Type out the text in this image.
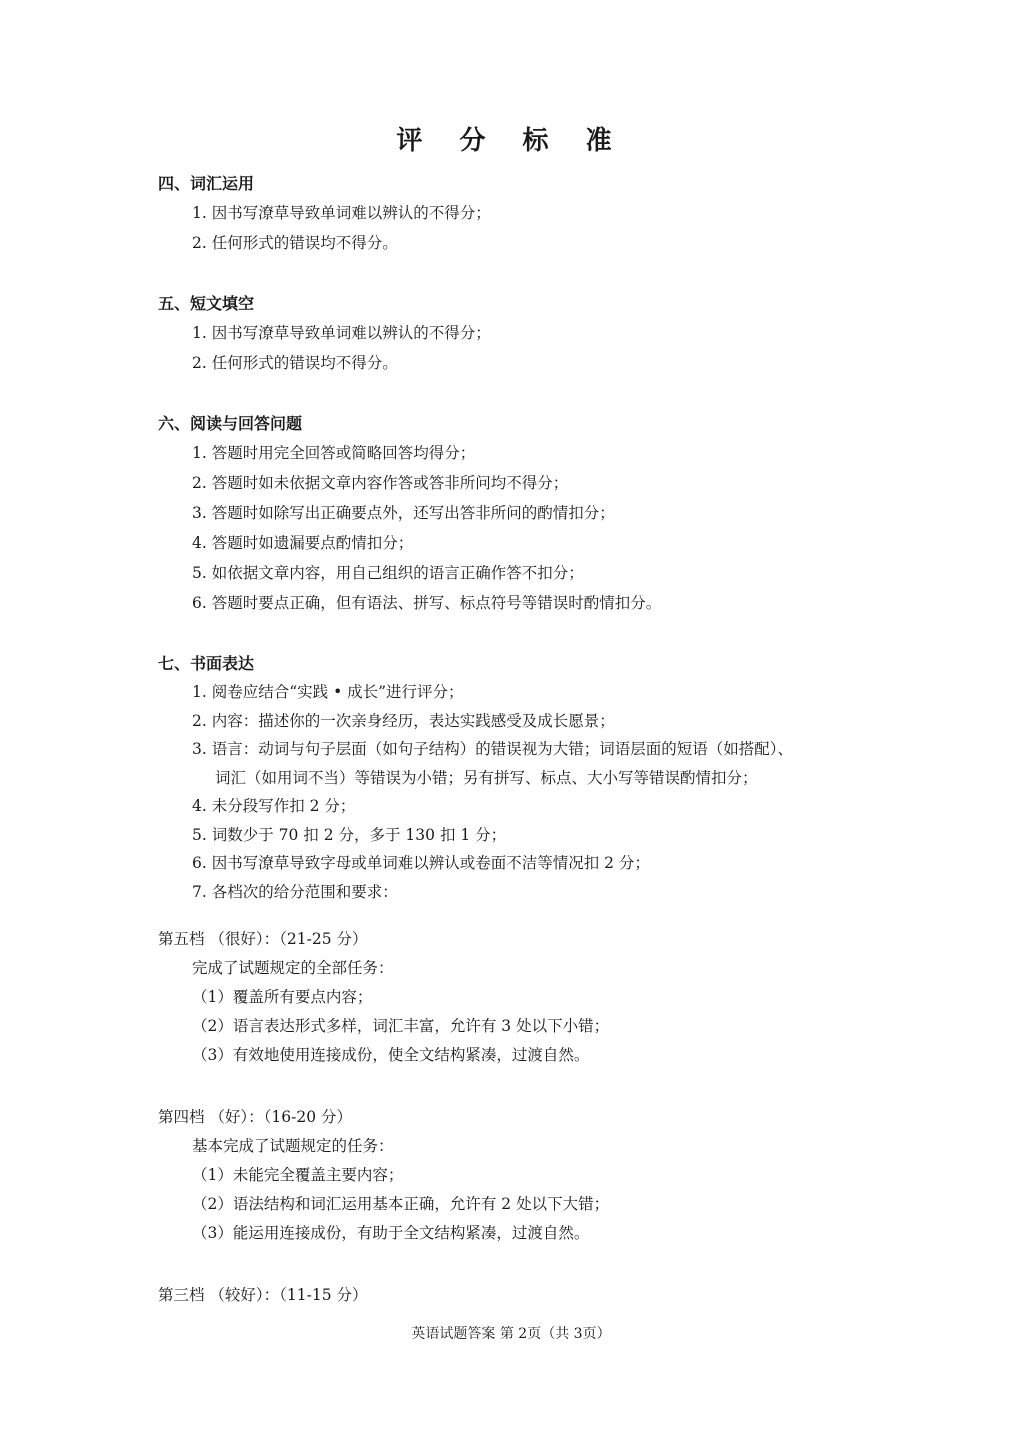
评 分 标 准
四、词汇运用
1. 因书写潦草导致单词难以辨认的不得分；
2. 任何形式的错误均不得分。
五、短文填空
1. 因书写潦草导致单词难以辨认的不得分；
2. 任何形式的错误均不得分。
六、阅读与回答问题
1. 答题时用完全回答或简略回答均得分；
2. 答题时如未依据文章内容作答或答非所问均不得分；
3. 答题时如除写出正确要点外，还写出答非所问的酌情扣分；
4. 答题时如遗漏要点酌情扣分；
5. 如依据文章内容，用自己组织的语言正确作答不扣分；
6. 答题时要点正确，但有语法、拼写、标点符号等错误时酌情扣分。
七、书面表达
1. 阅卷应结合“实践 • 成长”进行评分；
2. 内容：描述你的一次亲身经历，表达实践感受及成长愿景；
3. 语言：动词与句子层面（如句子结构）的错误视为大错；词语层面的短语（如搭配）、
词汇（如用词不当）等错误为小错；另有拼写、标点、大小写等错误酌情扣分；
4. 未分段写作扣 2 分；
5. 词数少于 70 扣 2 分，多于 130 扣 1 分；
6. 因书写潦草导致字母或单词难以辨认或卷面不洁等情况扣 2 分；
7. 各档次的给分范围和要求：
第五档 （很好）：（21-25 分）
完成了试题规定的全部任务：
（1）覆盖所有要点内容；
（2）语言表达形式多样，词汇丰富，允许有 3 处以下小错；
（3）有效地使用连接成份，使全文结构紧凑，过渡自然。
第四档 （好）：（16-20 分）
基本完成了试题规定的任务：
（1）未能完全覆盖主要内容；
（2）语法结构和词汇运用基本正确，允许有 2 处以下大错；
（3）能运用连接成份，有助于全文结构紧凑，过渡自然。
第三档 （较好）：（11-15 分）
英语试题答案 第 2页（共 3页）
